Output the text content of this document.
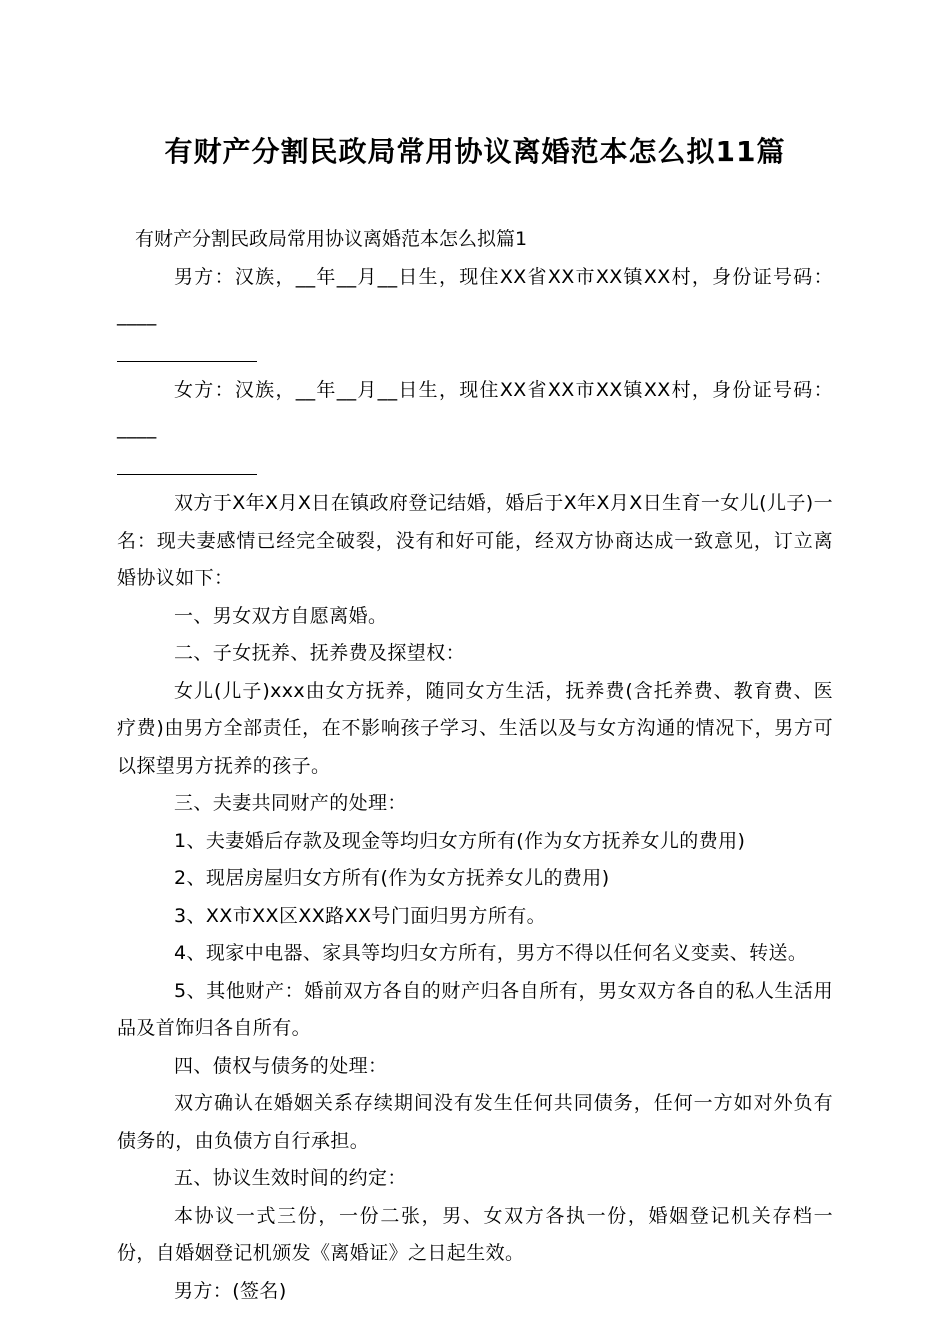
有财产分割民政局常用协议离婚范本怎么拟11篇
有财产分割民政局常用协议离婚范本怎么拟篇1

男方：汉族，__年__月__日生，现住XX省XX市XX镇XX村，身份证号码：____

女方：汉族，__年__月__日生，现住XX省XX市XX镇XX村，身份证号码：____

双方于X年X月X日在镇政府登记结婚，婚后于X年X月X日生育一女儿(儿子)一名：现夫妻感情已经完全破裂，没有和好可能，经双方协商达成一致意见，订立离婚协议如下：

一、男女双方自愿离婚。

二、子女抚养、抚养费及探望权：

女儿(儿子)xxx由女方抚养，随同女方生活，抚养费(含托养费、教育费、医疗费)由男方全部责任，在不影响孩子学习、生活以及与女方沟通的情况下，男方可以探望男方抚养的孩子。

三、夫妻共同财产的处理：

1、夫妻婚后存款及现金等均归女方所有(作为女方抚养女儿的费用)

2、现居房屋归女方所有(作为女方抚养女儿的费用)

3、XX市XX区XX路XX号门面归男方所有。

4、现家中电器、家具等均归女方所有，男方不得以任何名义变卖、转送。

5、其他财产：婚前双方各自的财产归各自所有，男女双方各自的私人生活用品及首饰归各自所有。

四、债权与债务的处理：

双方确认在婚姻关系存续期间没有发生任何共同债务，任何一方如对外负有债务的，由负债方自行承担。

五、协议生效时间的约定：

本协议一式三份，一份二张，男、女双方各执一份，婚姻登记机关存档一份，自婚姻登记机颁发《离婚证》之日起生效。

男方：(签名)
